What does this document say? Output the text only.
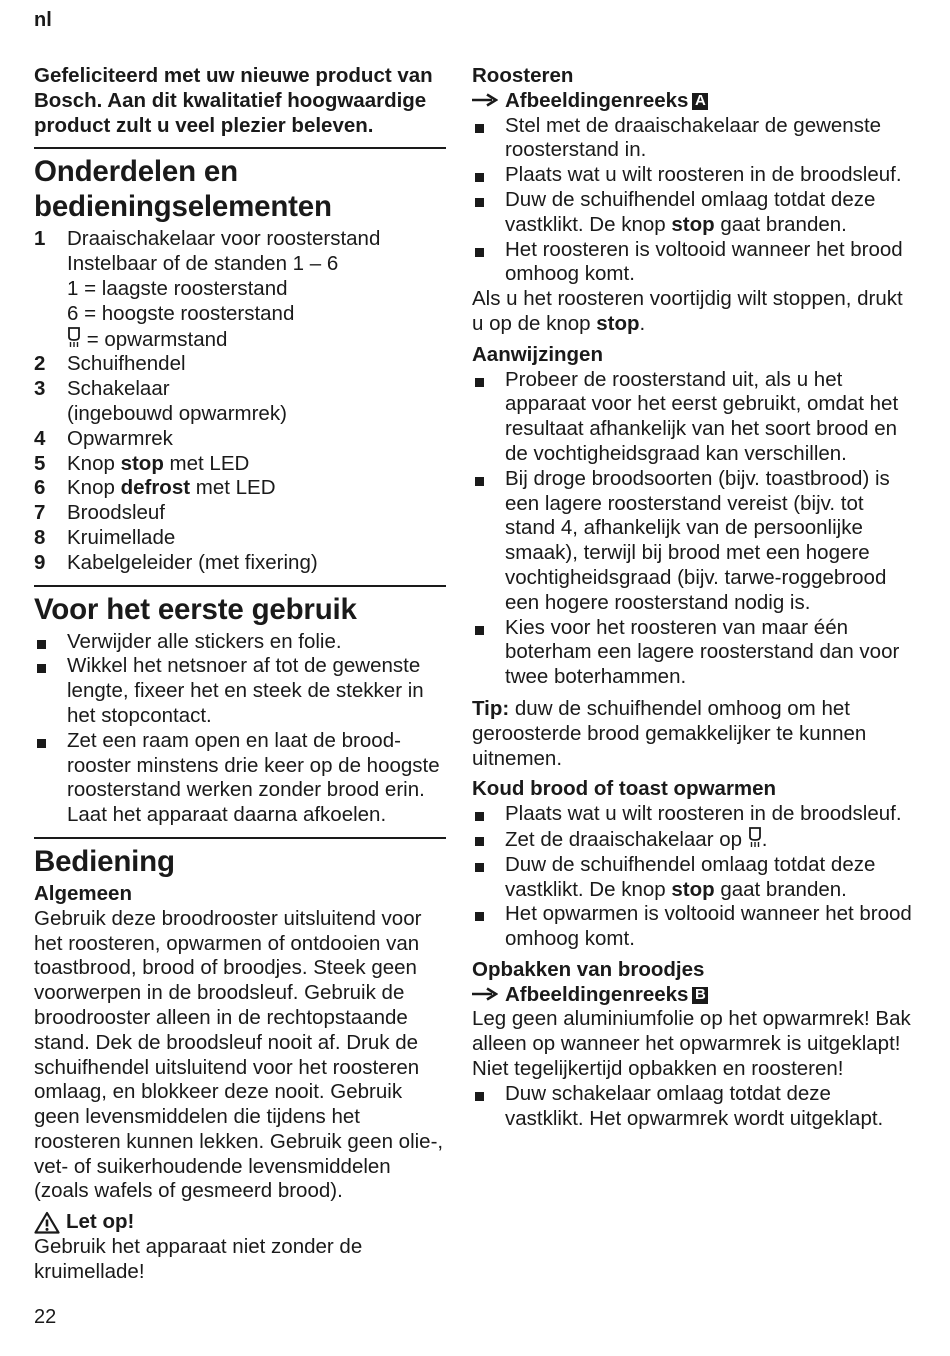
nl

Gefeliciteerd met uw nieuwe product van Bosch. Aan dit kwalitatief hoogwaardige product zult u veel plezier beleven.

Onderdelen en bedieningselementen
1	Draaischakelaar voor roosterstand
Instelbaar of de standen 1 – 6
1 = laagste roosterstand
6 = hoogste roosterstand
= opwarmstand
2	Schuifhendel
3	Schakelaar
(ingebouwd opwarmrek)
4	Opwarmrek
5	Knop stop met LED
6	Knop defrost met LED
7	Broodsleuf
8	Kruimellade
9	Kabelgeleider (met fixering)
Voor het eerste gebruik
Verwijder alle stickers en folie.
Wikkel het netsnoer af tot de gewenste lengte, fixeer het en steek de stekker in het stopcontact.
Zet een raam open en laat de broodrooster minstens drie keer op de hoogste roosterstand werken zonder brood erin. Laat het apparaat daarna afkoelen.
Bediening
Algemeen

Gebruik deze broodrooster uitsluitend voor het roosteren, opwarmen of ontdooien van toastbrood, brood of broodjes. Steek geen voorwerpen in de broodsleuf. Gebruik de broodrooster alleen in de rechtopstaande stand. Dek de broodsleuf nooit af. Druk de schuifhendel uitsluitend voor het roosteren omlaag, en blokkeer deze nooit. Gebruik geen levensmiddelen die tijdens het roosteren kunnen lekken. Gebruik geen olie-, vet- of suikerhoudende levensmiddelen (zoals wafels of gesmeerd brood).

Let op!

Gebruik het apparaat niet zonder de kruimellade!

Roosteren
Afbeeldingenreeks A
Stel met de draaischakelaar de gewenste roosterstand in.
Plaats wat u wilt roosteren in de broodsleuf.
Duw de schuifhendel omlaag totdat deze vastklikt. De knop stop gaat branden.
Het roosteren is voltooid wanneer het brood omhoog komt.

Als u het roosteren voortijdig wilt stoppen, drukt u op de knop stop.

Aanwijzingen
Probeer de roosterstand uit, als u het apparaat voor het eerst gebruikt, omdat het resultaat afhankelijk van het soort brood en de vochtigheidsgraad kan verschillen.
Bij droge broodsoorten (bijv. toastbrood) is een lagere roosterstand vereist (bijv. tot stand 4, afhankelijk van de persoonlijke smaak), terwijl bij brood met een hogere vochtigheidsgraad (bijv. tarwe-roggebrood een hogere roosterstand nodig is.
Kies voor het roosteren van maar één boterham een lagere roosterstand dan voor twee boterhammen.

Tip: duw de schuifhendel omhoog om het geroosterde brood gemakkelijker te kunnen uitnemen.

Koud brood of toast opwarmen
Plaats wat u wilt roosteren in de broodsleuf.
Zet de draaischakelaar op .
Duw de schuifhendel omlaag totdat deze vastklikt. De knop stop gaat branden.
Het opwarmen is voltooid wanneer het brood omhoog komt.
Opbakken van broodjes
Afbeeldingenreeks B

Leg geen aluminiumfolie op het opwarmrek! Bak alleen op wanneer het opwarmrek is uitgeklapt! Niet tegelijkertijd opbakken en roosteren!

Duw schakelaar omlaag totdat deze vastklikt. Het opwarmrek wordt uitgeklapt.
22
